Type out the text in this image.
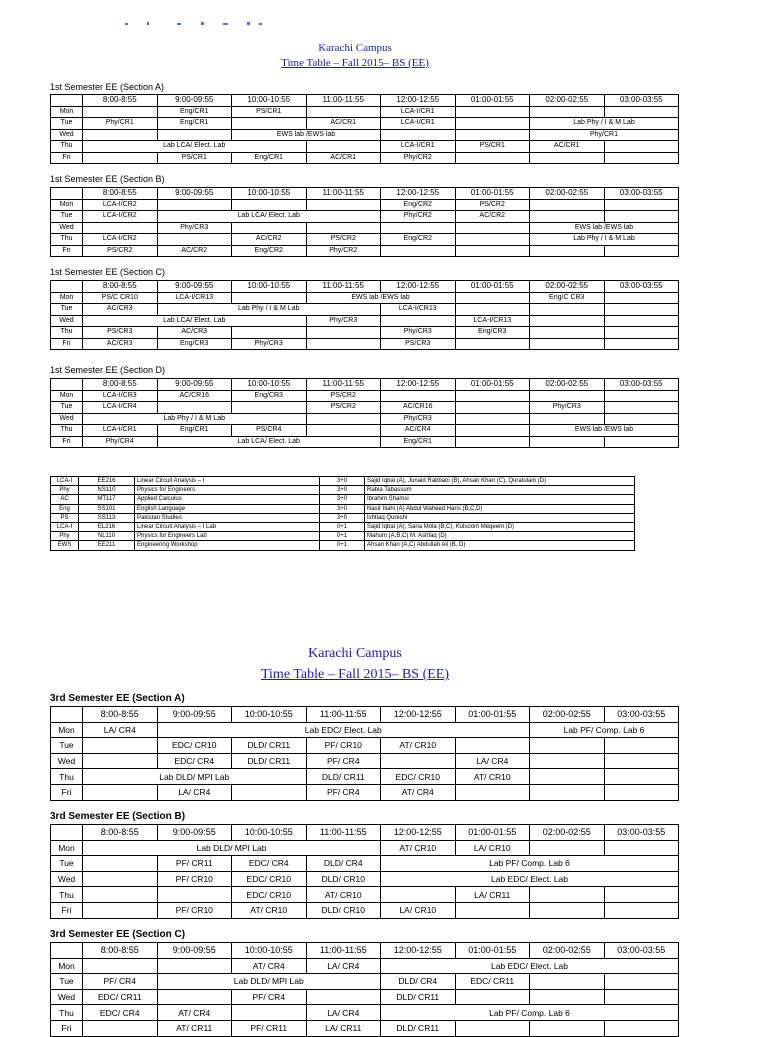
Karachi Campus
Time Table – Fall 2015– BS (EE)
Karachi Campus
Time Table – Fall 2015– BS (EE)
1st Semester EE (Section A)
	8:00-8:55	9:00-09:55	10:00-10:55	11:00-11:55	12:00-12:55	01:00-01:55	02:00-02:55	03:00-03:55
Mon		Eng/CR1	PS/CR1		LCA-I/CR1			
Tue	Phy/CR1	Eng/CR1		AC/CR1	LCA-I/CR1		Lab Phy / I & M Lab	
Wed			EWS lab /EWS lab				Phy/CR1	
Thu	Lab LCA/ Elect. Lab				LCA-I/CR1	PS/CR1	AC/CR1	
Fri		PS/CR1	Eng/CR1	AC/CR1	Phy/CR2			
1st Semester EE (Section B)
	8:00-8:55	9:00-09:55	10:00-10:55	11:00-11:55	12:00-12:55	01:00-01:55	02:00-02:55	03:00-03:55
Mon	LCA-I/CR2				Eng/CR2	PS/CR2		
Tue	LCA-I/CR2	Lab LCA/ Elect. Lab			Phy/CR2	AC/CR2		
Wed		Phy/CR3					EWS lab /EWS lab	
Thu	LCA-I/CR2		AC/CR2	PS/CR2	Eng/CR2		Lab Phy / I & M Lab	
Fri	PS/CR2	AC/CR2	Eng/CR2	Phy/CR2				
1st Semester EE (Section C)
	8:00-8:55	9:00-09:55	10:00-10:55	11:00-11:55	12:00-12:55	01:00-01:55	02:00-02:55	03:00-03:55
Mon	PS/C CR10	LCA-I/CR13		EWS lab /EWS lab			Eng/C CR3	
Tue	AC/CR3	Lab Phy / I & M Lab			LCA-I/CR13			
Wed	Lab LCA/ Elect. Lab			Phy/CR3		LCA-I/CR13		
Thu	PS/CR3	AC/CR3			Phy/CR3	Eng/CR3		
Fri	AC/CR3	Eng/CR3	Phy/CR3		PS/CR3			
1st Semester EE (Section D)
	8:00-8:55	9:00-09:55	10:00-10:55	11:00-11:55	12:00-12:55	01:00-01:55	02:00-02:55	03:00-03:55
Mon	LCA-I/CR3	AC/CR16	Eng/CR3	PS/CR2				
Tue	LCA-I/CR4			PS/CR2	AC/CR16		Phy/CR3	
Wed	Lab Phy / I & M Lab				Phy/CR3			
Thu	LCA-I/CR1	Eng/CR1	PS/CR4		AC/CR4		EWS lab /EWS lab	
Fri	Phy/CR4	Lab LCA/ Elect. Lab			Eng/CR1			
3rd Semester EE (Section A)
	8:00-8:55	9:00-09:55	10:00-10:55	11:00-11:55	12:00-12:55	01:00-01:55	02:00-02:55	03:00-03:55
Mon	LA/ CR4	Lab EDC/ Elect. Lab					Lab PF/ Comp. Lab 6	
Tue		EDC/ CR10	DLD/ CR11	PF/ CR10	AT/ CR10			
Wed		EDC/ CR4	DLD/ CR11	PF/ CR4		LA/ CR4		
Thu	Lab DLD/ MPI Lab			DLD/ CR11	EDC/ CR10	AT/ CR10		
Fri		LA/ CR4		PF/ CR4	AT/ CR4			
3rd Semester EE (Section B)
	8:00-8:55	9:00-09:55	10:00-10:55	11:00-11:55	12:00-12:55	01:00-01:55	02:00-02:55	03:00-03:55
Mon	Lab DLD/ MPI Lab				AT/ CR10	LA/ CR10		
Tue		PF/ CR11	EDC/ CR4	DLD/ CR4	Lab PF/ Comp. Lab 6			
Wed		PF/ CR10	EDC/ CR10	DLD/ CR10	Lab EDC/ Elect. Lab			
Thu			EDC/ CR10	AT/ CR10		LA/ CR11		
Fri		PF/ CR10	AT/ CR10	DLD/ CR10	LA/ CR10			
3rd Semester EE (Section C)
	8:00-8:55	9:00-09:55	10:00-10:55	11:00-11:55	12:00-12:55	01:00-01:55	02:00-02:55	03:00-03:55
Mon			AT/ CR4	LA/ CR4	Lab EDC/ Elect. Lab			
Tue	PF/ CR4	Lab DLD/ MPI Lab			DLD/ CR4	EDC/ CR11		
Wed	EDC/ CR11		PF/ CR4		DLD/ CR11			
Thu	EDC/ CR4	AT/ CR4		LA/ CR4	Lab PF/ Comp. Lab 6			
Fri		AT/ CR11	PF/ CR11	LA/ CR11	DLD/ CR11			
LCA-I	EE216	Linear Circuit Analysis – I	3+0	Sajid Iqbal (A), Junaid Rabbani (B), Ahsan Khan (C), Quratulain (D)
Phy	NS110	Physics for Engineers	3+0	Rabia Tabassum
AC	MT117	Applied Calculus	3+0	Ibrahim Shamsi
Eng	SS101	English Language	3+0	Nasir Iliahi (A) Abdul Waheed Haris (B,C,D)
PS	SS113	Pakistan Studies	3+0	Ishtiaq Qureshi
LCA-I	EL216	Linear Circuit Analysis – I Lab	0+1	Sajid Iqbal (A), Sana Mola (B,C), Kulsoom Meqeem (D)
Phy	NL110	Physics for Engineers Lab	0+1	Mahum (A,B,C) M. Ashfaq (D)
EWS	EE211	Engineering Workshop	0+1	Ahsan Khan (A,C) Abdullah Ali (B, D)
